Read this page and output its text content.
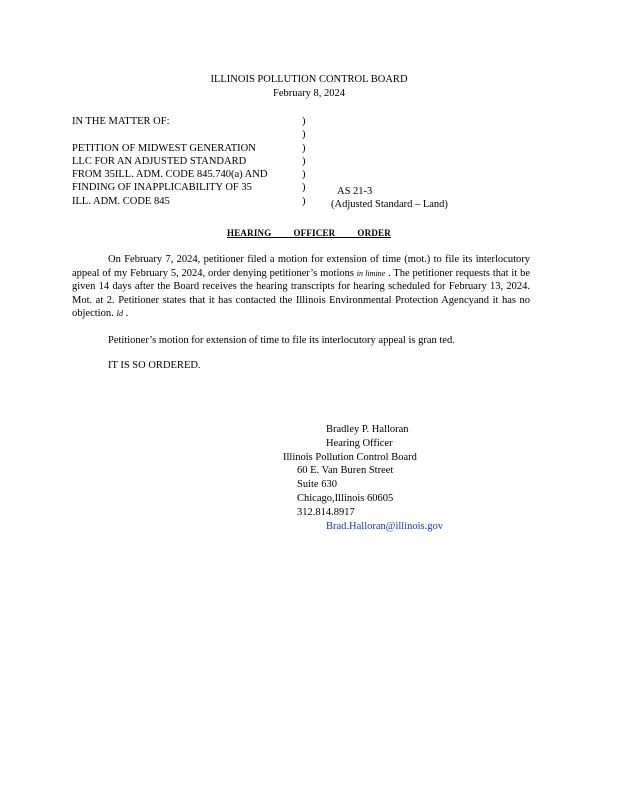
ILLINOIS POLLUTION CONTROL BOARD
February 8, 2024
IN THE MATTER OF:
PETITION OF MIDWEST GENERATION
LLC FOR AN ADJUSTED STANDARD
FROM 35ILL. ADM. CODE 845.740(a) AND
FINDING OF INAPPLICABILITY OF 35
ILL. ADM. CODE 845
)
)
)
)
)
)
)
AS 21-3
(Adjusted Standard – Land)
HEARING         OFFICER         ORDER
On February 7, 2024, petitioner filed a motion for extension of time (mot.) to file its interlocutory appeal of my February 5, 2024, order denying petitioner’s motions in limine . The petitioner requests that it be given 14 days after the Board receives the hearing transcripts for hearing scheduled for February 13, 2024. Mot. at 2. Petitioner states that it has contacted the Illinois Environmental Protection Agencyand it has no objection. Id .
Petitioner’s motion for extension of time to file its interlocutory appeal is gran ted.
IT IS SO ORDERED.
Bradley P. Halloran
Hearing Officer
Illinois Pollution Control Board
60 E. Van Buren Street
Suite 630
Chicago,Illinois 60605
312.814.8917
Brad.Halloran@illinois.gov
